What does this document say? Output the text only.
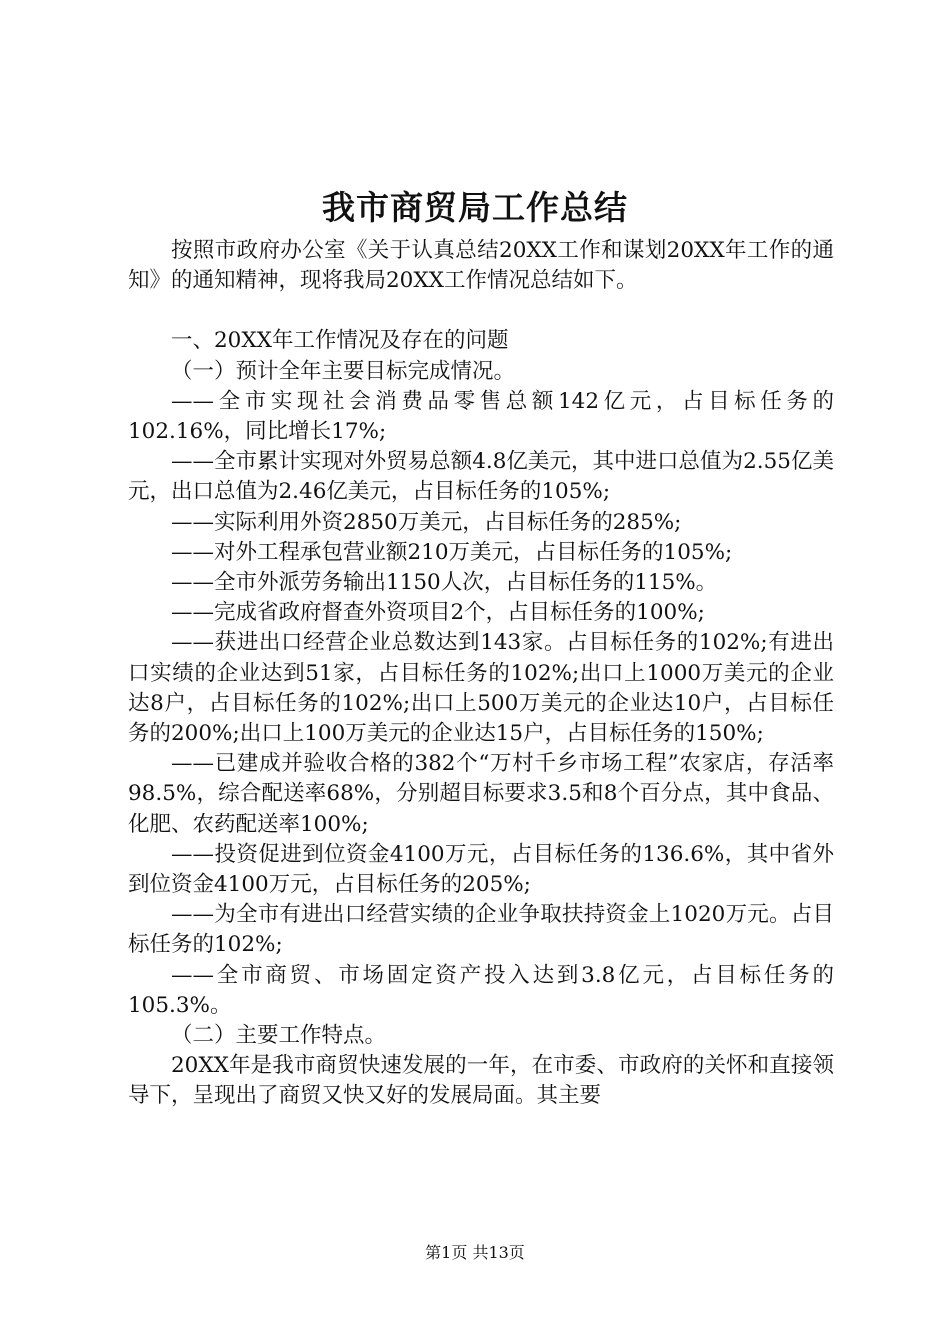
我市商贸局工作总结

按照市政府办公室《关于认真总结20XX工作和谋划20XX年工作的通知》的通知精神，现将我局20XX工作情况总结如下。

一、20XX年工作情况及存在的问题

（一）预计全年主要目标完成情况。

——全市实现社会消费品零售总额142亿元，占目标任务的102.16%，同比增长17%;

——全市累计实现对外贸易总额4.8亿美元，其中进口总值为2.55亿美元，出口总值为2.46亿美元，占目标任务的105%;

——实际利用外资2850万美元，占目标任务的285%;

——对外工程承包营业额210万美元，占目标任务的105%;

——全市外派劳务输出1150人次，占目标任务的115%。

——完成省政府督查外资项目2个，占目标任务的100%;

——获进出口经营企业总数达到143家。占目标任务的102%;有进出口实绩的企业达到51家，占目标任务的102%;出口上1000万美元的企业达8户，占目标任务的102%;出口上500万美元的企业达10户，占目标任务的200%;出口上100万美元的企业达15户，占目标任务的150%;

——已建成并验收合格的382个“万村千乡市场工程”农家店，存活率98.5%，综合配送率68%，分别超目标要求3.5和8个百分点，其中食品、化肥、农药配送率100%;

——投资促进到位资金4100万元，占目标任务的136.6%，其中省外到位资金4100万元，占目标任务的205%;

——为全市有进出口经营实绩的企业争取扶持资金上1020万元。占目标任务的102%;

——全市商贸、市场固定资产投入达到3.8亿元，占目标任务的105.3%。

（二）主要工作特点。

20XX年是我市商贸快速发展的一年，在市委、市政府的关怀和直接领导下，呈现出了商贸又快又好的发展局面。其主要

第1页 共13页
